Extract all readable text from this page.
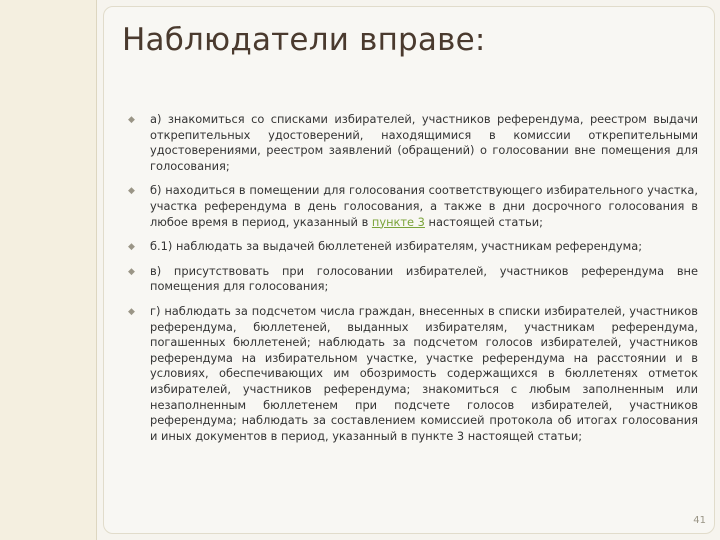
Наблюдатели вправе:
◆ а) знакомиться со списками избирателей, участников референдума, реестром выдачи открепительных удостоверений, находящимися в комиссии открепительными удостоверениями, реестром заявлений (обращений) о голосовании вне помещения для голосования;
◆ б) находиться в помещении для голосования соответствующего избирательного участка, участка референдума в день голосования, а также в дни досрочного голосования в любое время в период, указанный в пункте 3 настоящей статьи;
◆ б.1) наблюдать за выдачей бюллетеней избирателям, участникам референдума;
◆ в) присутствовать при голосовании избирателей, участников референдума вне помещения для голосования;
◆ г) наблюдать за подсчетом числа граждан, внесенных в списки избирателей, участников референдума, бюллетеней, выданных избирателям, участникам референдума, погашенных бюллетеней; наблюдать за подсчетом голосов избирателей, участников референдума на избирательном участке, участке референдума на расстоянии и в условиях, обеспечивающих им обозримость содержащихся в бюллетенях отметок избирателей, участников референдума; знакомиться с любым заполненным или незаполненным бюллетенем при подсчете голосов избирателей, участников референдума; наблюдать за составлением комиссией протокола об итогах голосования и иных документов в период, указанный в пункте 3 настоящей статьи;
41
